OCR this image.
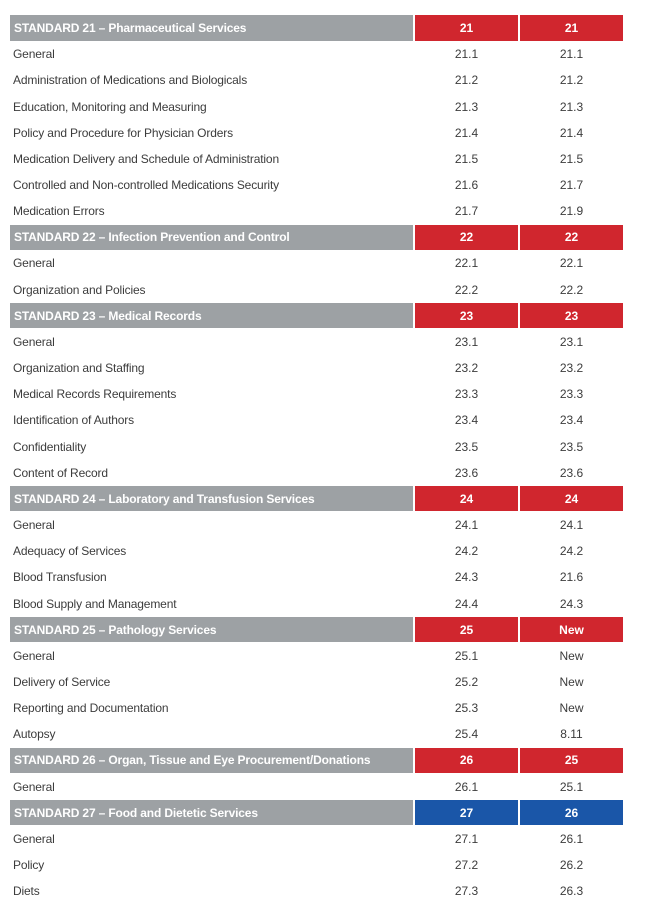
STANDARD 21 – Pharmaceutical Services	21	21
General	21.1	21.1
Administration of Medications and Biologicals	21.2	21.2
Education, Monitoring and Measuring	21.3	21.3
Policy and Procedure for Physician Orders	21.4	21.4
Medication Delivery and Schedule of Administration	21.5	21.5
Controlled and Non-controlled Medications Security	21.6	21.7
Medication Errors	21.7	21.9
STANDARD 22 – Infection Prevention and Control	22	22
General	22.1	22.1
Organization and Policies	22.2	22.2
STANDARD 23 – Medical Records	23	23
General	23.1	23.1
Organization and Staffing	23.2	23.2
Medical Records Requirements	23.3	23.3
Identification of Authors	23.4	23.4
Confidentiality	23.5	23.5
Content of Record	23.6	23.6
STANDARD 24 – Laboratory and Transfusion Services	24	24
General	24.1	24.1
Adequacy of Services	24.2	24.2
Blood Transfusion	24.3	21.6
Blood Supply and Management	24.4	24.3
STANDARD 25 – Pathology Services	25	New
General	25.1	New
Delivery of Service	25.2	New
Reporting and Documentation	25.3	New
Autopsy	25.4	8.11
STANDARD 26 – Organ, Tissue and Eye Procurement/Donations	26	25
General	26.1	25.1
STANDARD 27 – Food and Dietetic Services	27	26
General	27.1	26.1
Policy	27.2	26.2
Diets	27.3	26.3
